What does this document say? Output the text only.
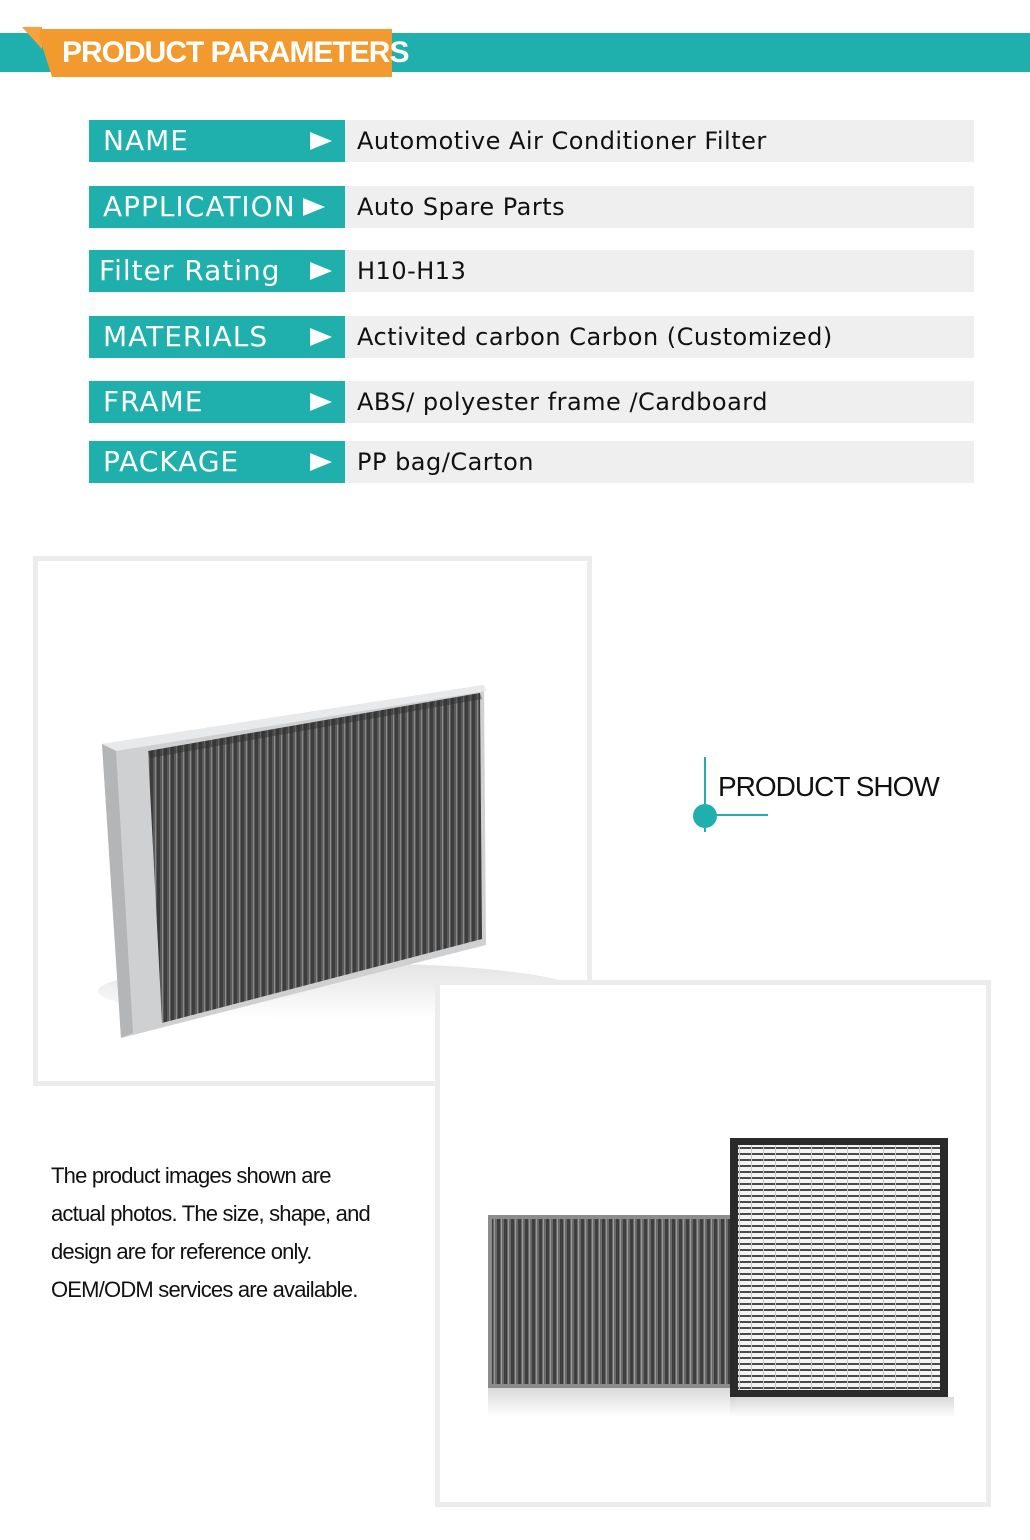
PRODUCT PARAMETERS
NAME	Automotive Air Conditioner Filter
APPLICATION	Auto Spare Parts
Filter Rating	H10-H13
MATERIALS	Activited carbon Carbon (Customized)
FRAME	ABS/ polyester frame /Cardboard
PACKAGE	PP bag/Carton
PRODUCT SHOW
The product images shown are actual photos. The size, shape, and design are for reference only. OEM/ODM services are available.
